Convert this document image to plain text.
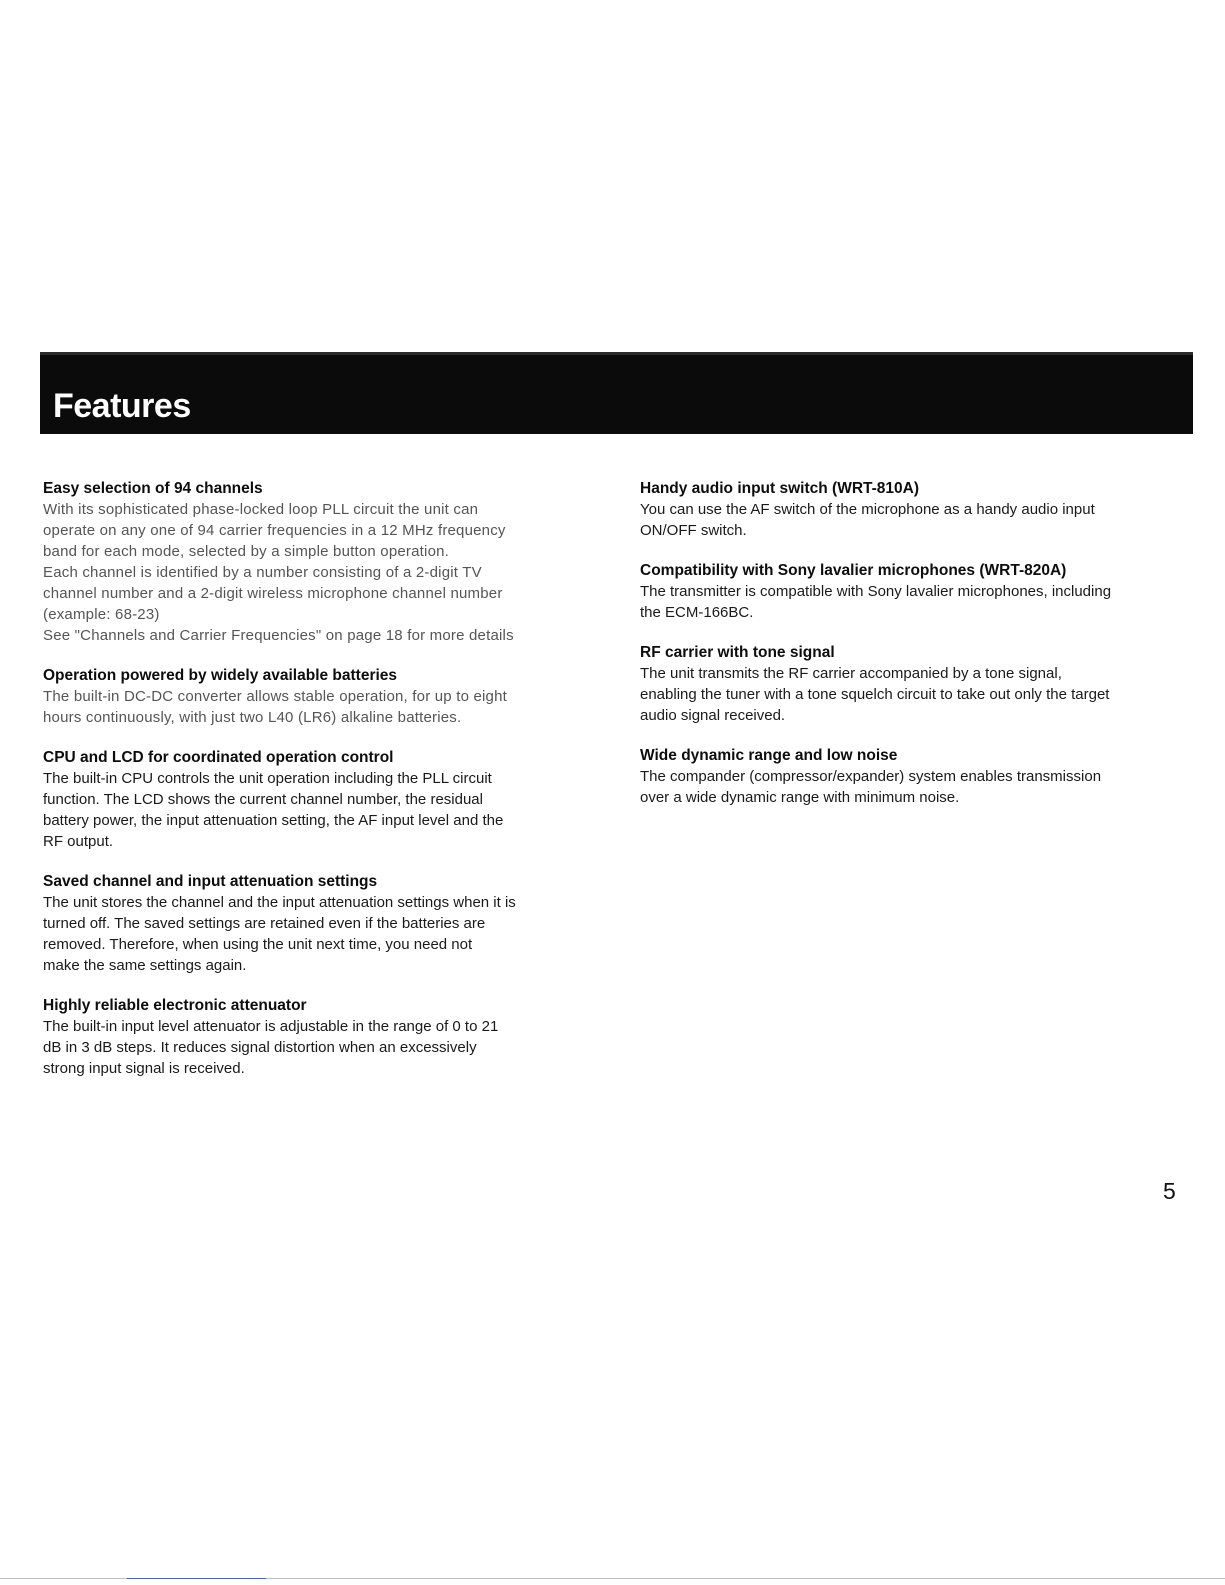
Features

Easy selection of 94 channels

With its sophisticated phase-locked loop PLL circuit the unit can
operate on any one of 94 carrier frequencies in a 12 MHz frequency
band for each mode, selected by a simple button operation.
Each channel is identified by a number consisting of a 2-digit TV
channel number and a 2-digit wireless microphone channel number
(example: 68-23)
See "Channels and Carrier Frequencies" on page 18 for more details

Operation powered by widely available batteries

The built-in DC-DC converter allows stable operation, for up to eight
hours continuously, with just two L40 (LR6) alkaline batteries.

CPU and LCD for coordinated operation control

The built-in CPU controls the unit operation including the PLL circuit
function. The LCD shows the current channel number, the residual
battery power, the input attenuation setting, the AF input level and the
RF output.

Saved channel and input attenuation settings

The unit stores the channel and the input attenuation settings when it is
turned off. The saved settings are retained even if the batteries are
removed. Therefore, when using the unit next time, you need not
make the same settings again.

Highly reliable electronic attenuator

The built-in input level attenuator is adjustable in the range of 0 to 21
dB in 3 dB steps. It reduces signal distortion when an excessively
strong input signal is received.

Handy audio input switch (WRT-810A)

You can use the AF switch of the microphone as a handy audio input
ON/OFF switch.

Compatibility with Sony lavalier microphones (WRT-820A)

The transmitter is compatible with Sony lavalier microphones, including
the ECM-166BC.

RF carrier with tone signal

The unit transmits the RF carrier accompanied by a tone signal,
enabling the tuner with a tone squelch circuit to take out only the target
audio signal received.

Wide dynamic range and low noise

The compander (compressor/expander) system enables transmission
over a wide dynamic range with minimum noise.
5
